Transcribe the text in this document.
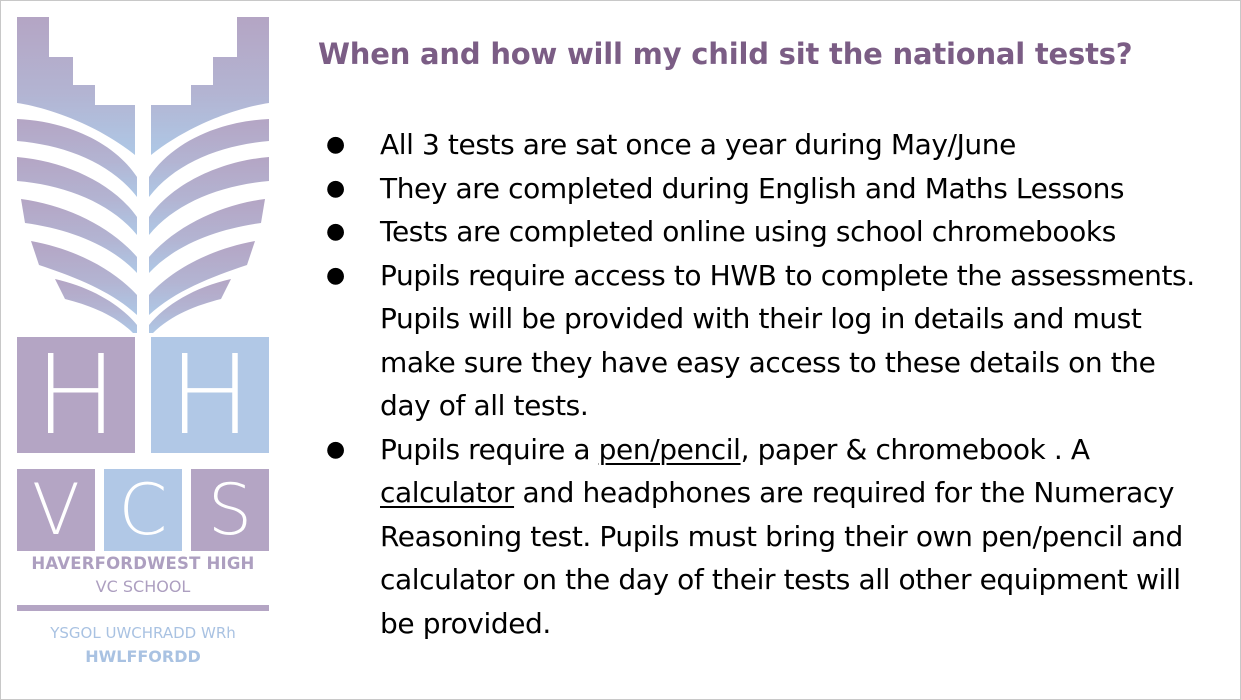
H H
V C S
HAVERFORDWEST HIGH
VC SCHOOL
YSGOL UWCHRADD WRh
HWLFFORDD
When and how will my child sit the national tests?
●	All 3 tests are sat once a year during May/June
●	They are completed during English and Maths Lessons
●	Tests are completed online using school chromebooks
●	Pupils require access to HWB to complete the assessments. Pupils will be provided with their log in details and must make sure they have easy access to these details on the day of all tests.
●	Pupils require a pen/pencil, paper & chromebook . A calculator and headphones are required for the Numeracy Reasoning test. Pupils must bring their own pen/pencil and calculator on the day of their tests all other equipment will be provided.
